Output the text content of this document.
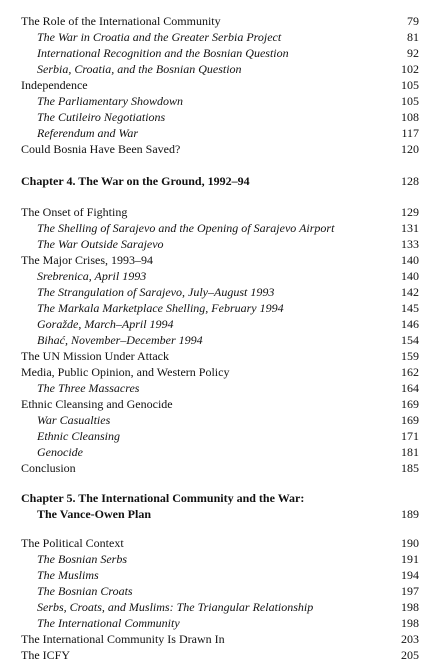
The Role of the International Community	79
The War in Croatia and the Greater Serbia Project	81
International Recognition and the Bosnian Question	92
Serbia, Croatia, and the Bosnian Question	102
Independence	105
The Parliamentary Showdown	105
The Cutileiro Negotiations	108
Referendum and War	117
Could Bosnia Have Been Saved?	120
Chapter 4. The War on the Ground, 1992–94	128
The Onset of Fighting	129
The Shelling of Sarajevo and the Opening of Sarajevo Airport	131
The War Outside Sarajevo	133
The Major Crises, 1993–94	140
Srebrenica, April 1993	140
The Strangulation of Sarajevo, July–August 1993	142
The Markala Marketplace Shelling, February 1994	145
Goražde, March–April 1994	146
Bihać, November–December 1994	154
The UN Mission Under Attack	159
Media, Public Opinion, and Western Policy	162
The Three Massacres	164
Ethnic Cleansing and Genocide	169
War Casualties	169
Ethnic Cleansing	171
Genocide	181
Conclusion	185
Chapter 5. The International Community and the War:
The Vance-Owen Plan	189
The Political Context	190
The Bosnian Serbs	191
The Muslims	194
The Bosnian Croats	197
Serbs, Croats, and Muslims: The Triangular Relationship	198
The International Community	198
The International Community Is Drawn In	203
The ICFY	205
